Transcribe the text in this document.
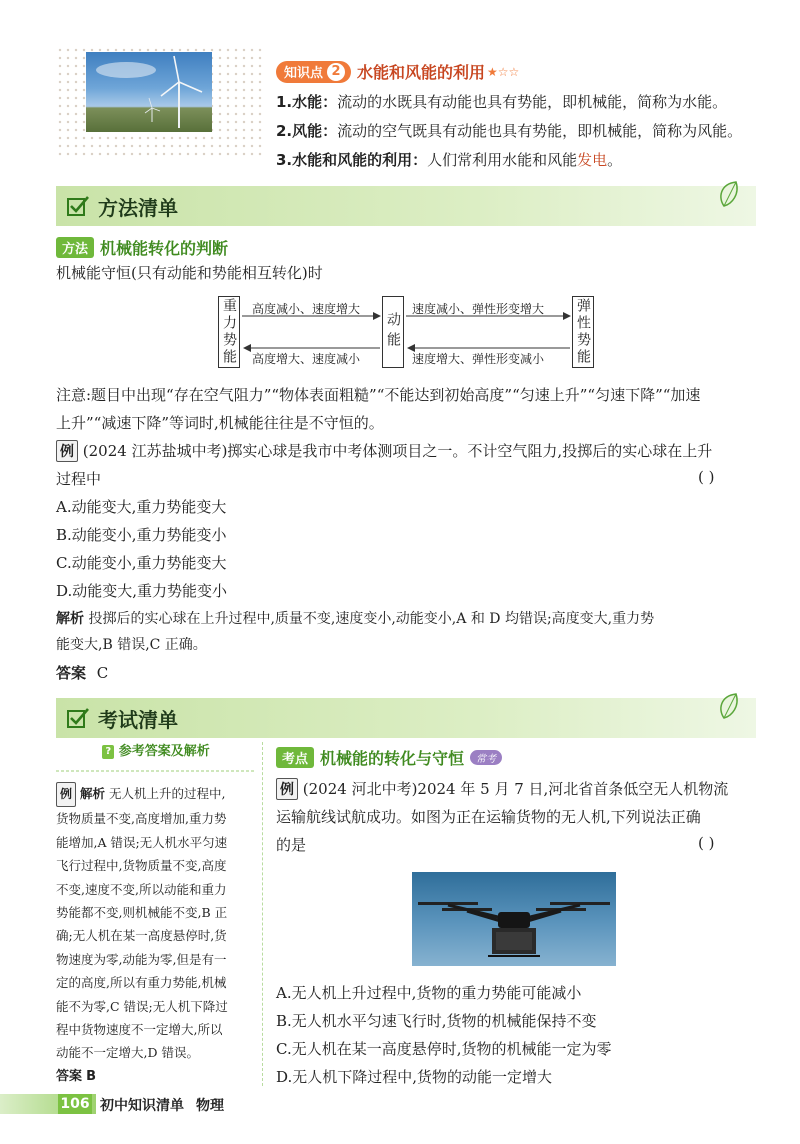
知识点 2 水能和风能的利用 ★☆☆
1.水能：流动的水既具有动能也具有势能，即机械能，简称为水能。
2.风能：流动的空气既具有动能也具有势能，即机械能，简称为风能。
3.水能和风能的利用：人们常利用水能和风能发电。
方法清单
方法 机械能转化的判断
机械能守恒(只有动能和势能相互转化)时
重力势能	动能	弹性势能
高度减小、速度增大
高度增大、速度减小
速度减小、弹性形变增大
速度增大、弹性形变减小
注意:题目中出现“存在空气阻力”“物体表面粗糙”“不能达到初始高度”“匀速上升”“匀速下降”“加速
上升”“减速下降”等词时,机械能往往是不守恒的。
例 (2024 江苏盐城中考)掷实心球是我市中考体测项目之一。不计空气阻力,投掷后的实心球在上升
过程中	( )
A.动能变大,重力势能变大
B.动能变小,重力势能变小
C.动能变小,重力势能变大
D.动能变大,重力势能变小
解析 投掷后的实心球在上升过程中,质量不变,速度变小,动能变小,A 和 D 均错误;高度变大,重力势
能变大,B 错误,C 正确。
答案 C
考试清单
? 参考答案及解析
例 解析 无人机上升的过程中,
货物质量不变,高度增加,重力势
能增加,A 错误;无人机水平匀速
飞行过程中,货物质量不变,高度
不变,速度不变,所以动能和重力
势能都不变,则机械能不变,B 正
确;无人机在某一高度悬停时,货
物速度为零,动能为零,但是有一
定的高度,所以有重力势能,机械
能不为零,C 错误;无人机下降过
程中货物速度不一定增大,所以
动能不一定增大,D 错误。
答案 B
考点 机械能的转化与守恒	常考
例 (2024 河北中考)2024 年 5 月 7 日,河北省首条低空无人机物流
运输航线试航成功。如图为正在运输货物的无人机,下列说法正确
的是	( )
A.无人机上升过程中,货物的重力势能可能减小
B.无人机水平匀速飞行时,货物的机械能保持不变
C.无人机在某一高度悬停时,货物的机械能一定为零
D.无人机下降过程中,货物的动能一定增大
106 初中知识清单 物理
